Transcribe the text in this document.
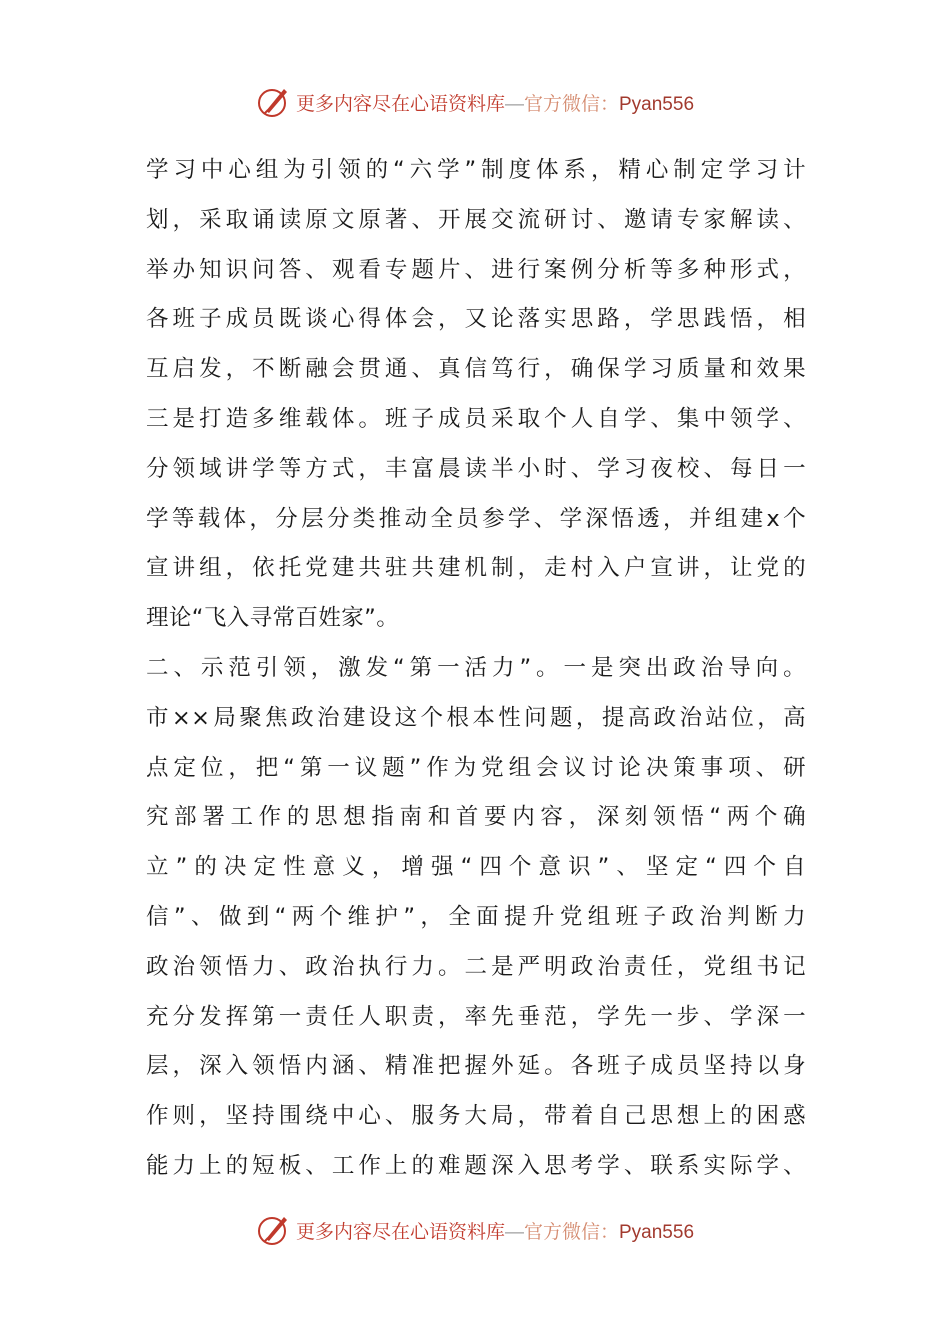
更多内容尽在心语资料库—官方微信：Pyan556
学习中心组为引领的“六学”制度体系，精心制定学习计
划，采取诵读原文原著、开展交流研讨、邀请专家解读、
举办知识问答、观看专题片、进行案例分析等多种形式，
各班子成员既谈心得体会，又论落实思路，学思践悟，相
互启发，不断融会贯通、真信笃行，确保学习质量和效果
三是打造多维载体。班子成员采取个人自学、集中领学、
分领域讲学等方式，丰富晨读半小时、学习夜校、每日一
学等载体，分层分类推动全员参学、学深悟透，并组建x个
宣讲组，依托党建共驻共建机制，走村入户宣讲，让党的
理论“飞入寻常百姓家”。
二、示范引领，激发“第一活力”。一是突出政治导向。
市××局聚焦政治建设这个根本性问题，提高政治站位，高
点定位，把“第一议题”作为党组会议讨论决策事项、研
究部署工作的思想指南和首要内容，深刻领悟“两个确
立”的决定性意义，增强“四个意识”、坚定“四个自
信”、做到“两个维护”，全面提升党组班子政治判断力
政治领悟力、政治执行力。二是严明政治责任，党组书记
充分发挥第一责任人职责，率先垂范，学先一步、学深一
层，深入领悟内涵、精准把握外延。各班子成员坚持以身
作则，坚持围绕中心、服务大局，带着自己思想上的困惑
能力上的短板、工作上的难题深入思考学、联系实际学、
更多内容尽在心语资料库—官方微信：Pyan556
